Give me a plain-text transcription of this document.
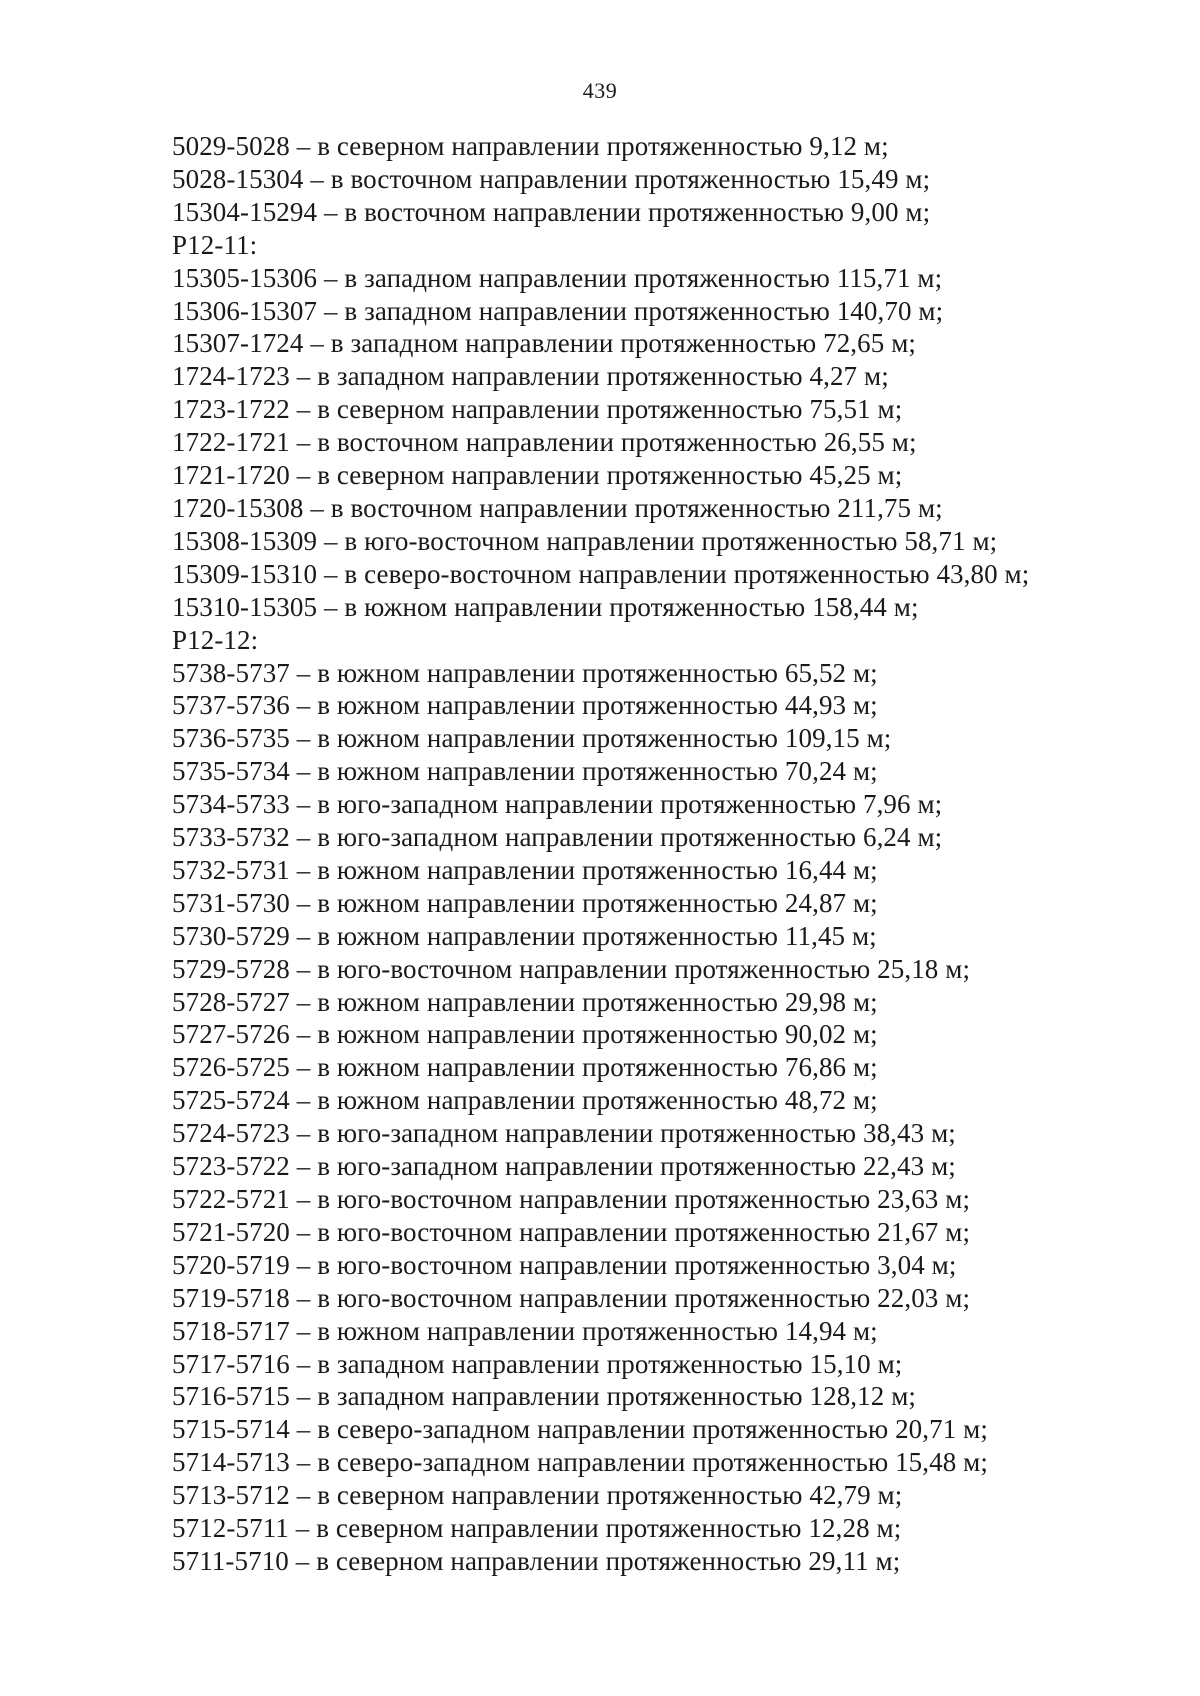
439
5029-5028 – в северном направлении протяженностью 9,12 м;
5028-15304 – в восточном направлении протяженностью 15,49 м;
15304-15294 – в восточном направлении протяженностью 9,00 м;
Р12-11:
15305-15306 – в западном направлении протяженностью 115,71 м;
15306-15307 – в западном направлении протяженностью 140,70 м;
15307-1724 – в западном направлении протяженностью 72,65 м;
1724-1723 – в западном направлении протяженностью 4,27 м;
1723-1722 – в северном направлении протяженностью 75,51 м;
1722-1721 – в восточном направлении протяженностью 26,55 м;
1721-1720 – в северном направлении протяженностью 45,25 м;
1720-15308 – в восточном направлении протяженностью 211,75 м;
15308-15309 – в юго-восточном направлении протяженностью 58,71 м;
15309-15310 – в северо-восточном направлении протяженностью 43,80 м;
15310-15305 – в южном направлении протяженностью 158,44 м;
Р12-12:
5738-5737 – в южном направлении протяженностью 65,52 м;
5737-5736 – в южном направлении протяженностью 44,93 м;
5736-5735 – в южном направлении протяженностью 109,15 м;
5735-5734 – в южном направлении протяженностью 70,24 м;
5734-5733 – в юго-западном направлении протяженностью 7,96 м;
5733-5732 – в юго-западном направлении протяженностью 6,24 м;
5732-5731 – в южном направлении протяженностью 16,44 м;
5731-5730 – в южном направлении протяженностью 24,87 м;
5730-5729 – в южном направлении протяженностью 11,45 м;
5729-5728 – в юго-восточном направлении протяженностью 25,18 м;
5728-5727 – в южном направлении протяженностью 29,98 м;
5727-5726 – в южном направлении протяженностью 90,02 м;
5726-5725 – в южном направлении протяженностью 76,86 м;
5725-5724 – в южном направлении протяженностью 48,72 м;
5724-5723 – в юго-западном направлении протяженностью 38,43 м;
5723-5722 – в юго-западном направлении протяженностью 22,43 м;
5722-5721 – в юго-восточном направлении протяженностью 23,63 м;
5721-5720 – в юго-восточном направлении протяженностью 21,67 м;
5720-5719 – в юго-восточном направлении протяженностью 3,04 м;
5719-5718 – в юго-восточном направлении протяженностью 22,03 м;
5718-5717 – в южном направлении протяженностью 14,94 м;
5717-5716 – в западном направлении протяженностью 15,10 м;
5716-5715 – в западном направлении протяженностью 128,12 м;
5715-5714 – в северо-западном направлении протяженностью 20,71 м;
5714-5713 – в северо-западном направлении протяженностью 15,48 м;
5713-5712 – в северном направлении протяженностью 42,79 м;
5712-5711 – в северном направлении протяженностью 12,28 м;
5711-5710 – в северном направлении протяженностью 29,11 м;
